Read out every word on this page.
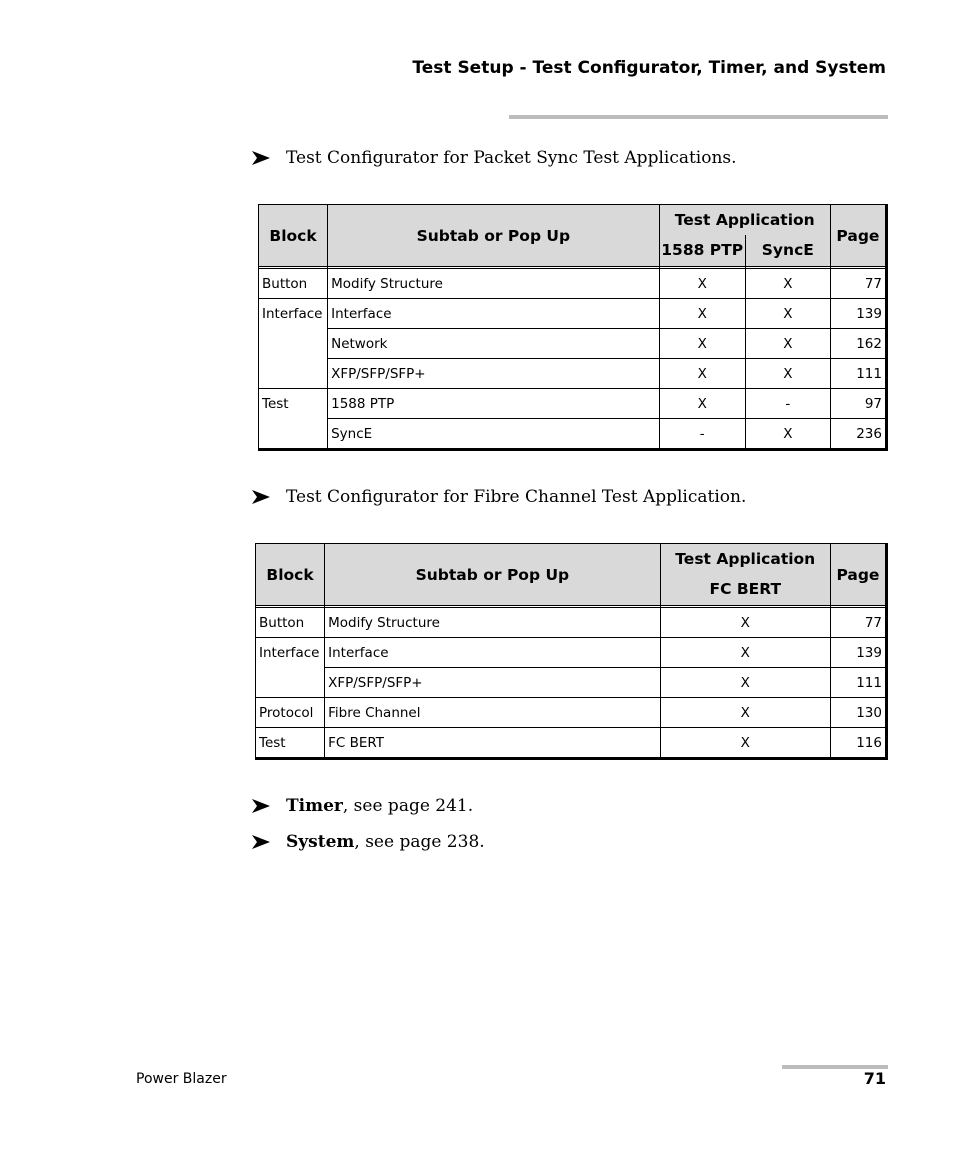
Test Setup - Test Configurator, Timer, and System
Test Configurator for Packet Sync Test Applications.
Block	Subtab or Pop Up	Test Application		Page
		1588 PTP	SyncE	

Button	Modify Structure	X	X	77
Interface	Interface	X	X	139
	Network	X	X	162
	XFP/SFP/SFP+	X	X	111
Test	1588 PTP	X	-	97
	SyncE	-	X	236
Test Configurator for Fibre Channel Test Application.
Block	Subtab or Pop Up	Test Application	Page
		FC BERT	

Button	Modify Structure	X	77
Interface	Interface	X	139
	XFP/SFP/SFP+	X	111
Protocol	Fibre Channel	X	130
Test	FC BERT	X	116
Timer, see page 241.
System, see page 238.
Power Blazer	71
